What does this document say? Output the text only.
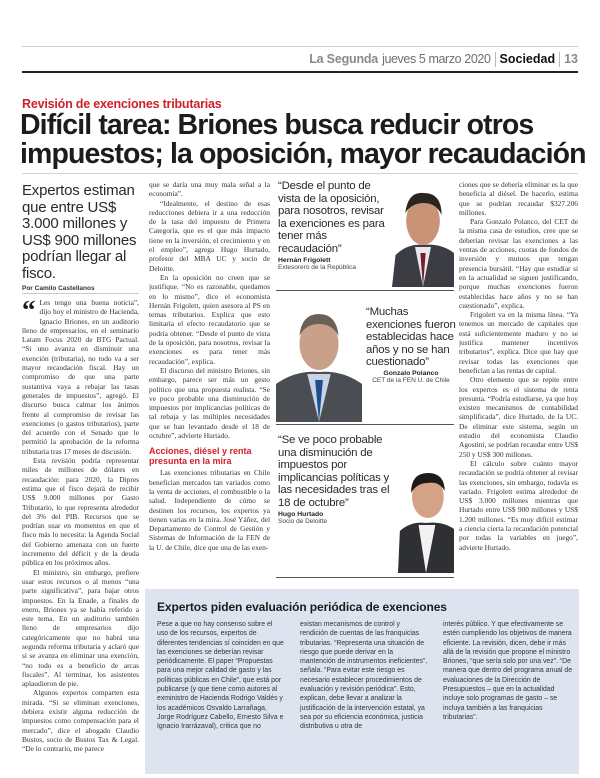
La Segunda jueves 5 marzo 2020 Sociedad 13
Revisión de exenciones tributarias
Difícil tarea: Briones busca reducir otros impuestos; la oposición, mayor recaudación
Expertos estiman que entre US$ 3.000 millones y US$ 900 millones podrían llegar al fisco.
Por Camilo Castellanos

“ Les tengo una buena noticia”, dijo hoy el ministro de Hacienda, Ignacio Briones, en un auditorio lleno de empresarios, en el seminario Latam Focus 2020 de BTG Pactual. “Si uno avanza en disminuir una exención (tributaria), no todo va a ser mayor recaudación fiscal. Hay un compromiso de que una parte sustantiva vaya a rebajar las tasas generales de impuestos”, agregó. El discurso busca calmar los ánimos frente al compromiso de revisar las exenciones (o gastos tributarios), parte del acuerdo con el Senado que le permitió la aprobación de la reforma tributaria tras 17 meses de discusión.

Esta revisión podría representar miles de millones de dólares en recaudación: para 2020, la Dipres estima que el fisco dejará de recibir US$ 9.000 millones por Gasto Tributario, lo que representa alrededor del 3% del PIB. Recursos que se podrían usar en momentos en que el fisco más lo necesita: la Agenda Social del Gobierno amenaza con un fuerte incremento del déficit y de la deuda pública en los próximos años.

El ministro, sin embargo, prefiere usar estos recursos o al menos “una parte significativa”, para bajar otros impuestos. En la Enade, a finales de enero, Briones ya se había referido a este tema. En un auditorio también lleno de empresarios dijo categóricamente que no habrá una segunda reforma tributaria y aclaró que si se avanza en eliminar una exención, “no todo es a beneficio de arcas fiscales”. Al terminar, los asistentes aplaudieron de pie.

Algunos expertos comparten esta mirada. “Si se eliminan exenciones, debiera existir alguna reducción de impuestos como compensación para el mercado”, dice el abogado Claudio Bustos, socio de Bustos Tax & Legal. “De lo contrario, me parece

que se daría una muy mala señal a la economía”.

“Idealmente, el destino de esas reducciones debiera ir a una reducción de la tasa del impuesto de Primera Categoría, que es el que más impacto tiene en la inversión, el crecimiento y en el empleo”, agrega Hugo Hurtado, profesor del MBA UC y socio de Deloitte.

En la oposición no creen que se justifique. “No es razonable, quedamos en lo mismo”, dice el economista Hernán Frigolett, quien asesora al PS en temas tributarios. Explica que esto limitaría el efecto recaudatorio que se podría obtener. “Desde el punto de vista de la oposición, para nosotros, revisar la exenciones es para tener más recaudación”, explica.

El discurso del ministro Briones, sin embargo, parece ser más un gesto político que una propuesta realista. “Se ve poco probable una disminución de impuestos por implicancias políticas de tal rebaja y las múltiples necesidades que se han levantado desde el 18 de octubre”, advierte Hurtado.

Acciones, diésel y renta presunta en la mira

Las exenciones tributarias en Chile benefician mercados tan variados como la venta de acciones, el combustible o la salud. Independiente de cómo se destinen los recursos, los expertos ya tienen varias en la mira. José Yáñez, del Departamento de Control de Gestión y Sistemas de Información de la FEN de la U. de Chile, dice que una de las exen-

“Desde el punto de vista de la oposición, para nosotros, revisar la exenciones es para tener más recaudación”
Hernán Frigolett
Extesorero de la República
“Muchas exenciones fueron establecidas hace años y no se han cuestionado”
Gonzalo Polanco
CET de la FEN U. de Chile
“Se ve poco probable una disminución de impuestos por implicancias políticas y las necesidades tras el 18 de octubre”
Hugo Hurtado
Socio de Deloitte

ciones que se debería eliminar es la que beneficia al diésel. De hacerlo, estima que se podrían recaudar $327.206 millones.

Para Gonzalo Polanco, del CET de la misma casa de estudios, cree que se deberían revisar las exenciones a las ventas de acciones, cuotas de fondos de inversión y mutuos que tengan presencia bursátil. “Hay que estudiar si en la actualidad se siguen justificando, porque muchas exenciones fueron establecidas hace años y no se han cuestionado”, explica.

Frigolett va en la misma línea. “Ya tenemos un mercado de capitales que está suficientemente maduro y no se justifica mantener incentivos tributarios”, explica. Dice que hay que revisar todas las exenciones que benefician a las rentas de capital.

Otro elemento que se repite entre los expertos es el sistema de renta presunta. “Podría estudiarse, ya que hoy existen mecanismos de contabilidad simplificada”, dice Hurtado, de la UC. De eliminar este sistema, según un estudio del economista Claudio Agostini, se podrían recaudar entre US$ 250 y US$ 300 millones.

El cálculo sobre cuánto mayor recaudación se podría obtener al revisar las exenciones, sin embargo, todavía es variado. Frigolett estima alrededor de US$ 3.000 millones mientras que Hurtado entre US$ 900 millones y US$ 1.200 millones. “Es muy difícil estimar a ciencia cierta la recaudación potencial por todas la variables en juego”, advierte Hurtado.

Expertos piden evaluación periódica de exenciones
Pese a que no hay consenso sobre el uso de los recursos, expertos de diferentes tendencias sí coinciden en que las exenciones se deberían revisar periódicamente. El paper “Propuestas para una mejor calidad de gasto y las políticas públicas en Chile”, que está por publicarse (y que tiene como autores al exministro de Hacienda Rodrigo Valdés y los académicos Osvaldo Larrañaga, Jorge Rodríguez Cabello, Ernesto Silva e Ignacio Irarrázaval), critica que no
existan mecanismos de control y rendición de cuentas de las franquicias tributarias. “Representa una situación de riesgo que puede derivar en la mantención de instrumentos ineficientes”, señala. “Para evitar este riesgo es necesario establecer procedimientos de evaluación y revisión periódica”. Esto, explican, debe llevar a analizar la justificación de la intervención estatal, ya sea por su eficiencia económica, justicia distributiva u otra de
interés público. Y que efectivamente se estén cumpliendo los objetivos de manera eficiente. La revisión, dicen, debe ir más allá de la revisión que propone el ministro Briones, “que sería solo por una vez”. “De manera que dentro del programa anual de evaluaciones de la Dirección de Presupuestos – que en la actualidad incluye solo programas de gasto – se incluya también a las franquicias tributarias”.
